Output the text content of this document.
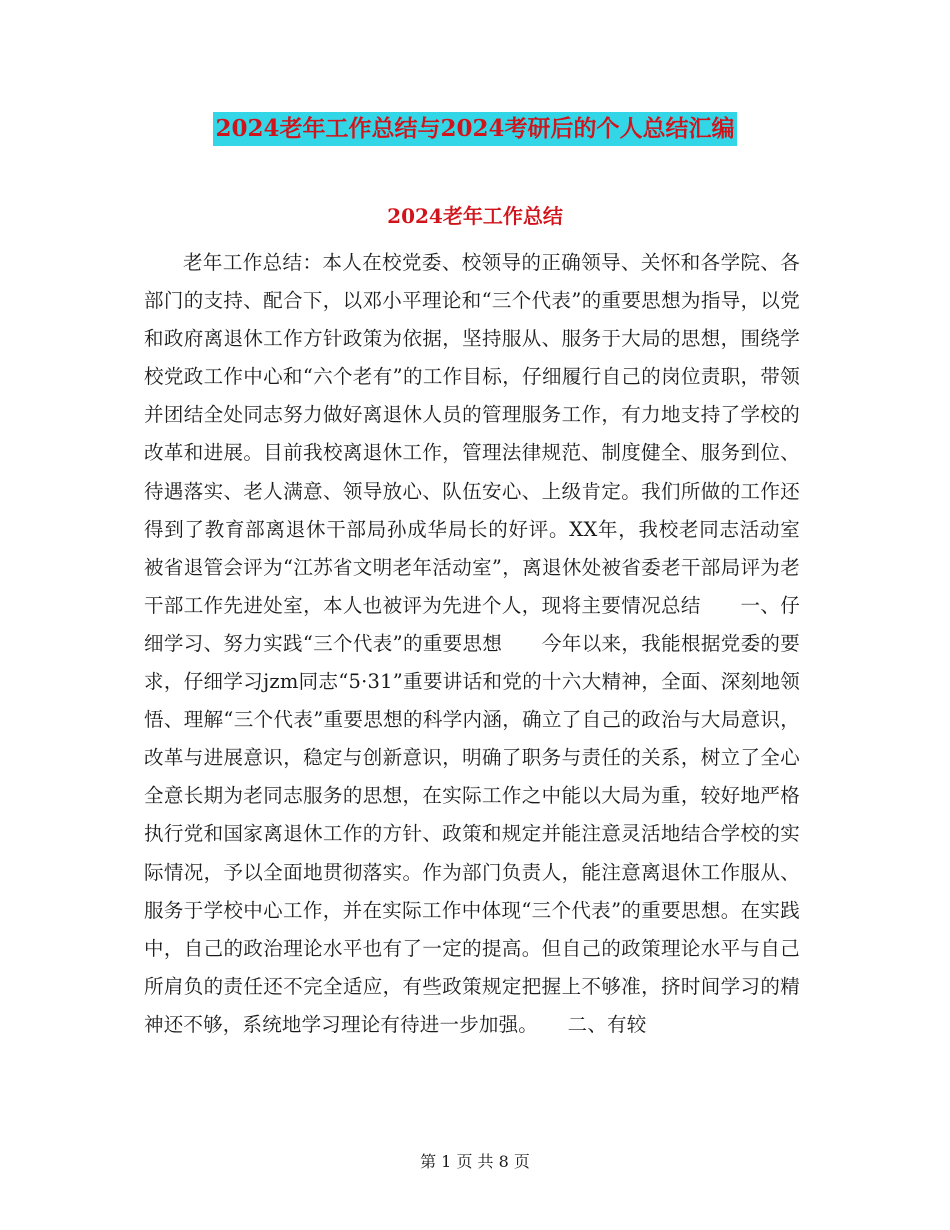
2024老年工作总结与2024考研后的个人总结汇编
2024老年工作总结

老年工作总结：本人在校党委、校领导的正确领导、关怀和各学院、各部门的支持、配合下，以邓小平理论和“三个代表”的重要思想为指导，以党和政府离退休工作方针政策为依据，坚持服从、服务于大局的思想，围绕学校党政工作中心和“六个老有”的工作目标，仔细履行自己的岗位责职，带领并团结全处同志努力做好离退休人员的管理服务工作，有力地支持了学校的改革和进展。目前我校离退休工作，管理法律规范、制度健全、服务到位、待遇落实、老人满意、领导放心、队伍安心、上级肯定。我们所做的工作还得到了教育部离退休干部局孙成华局长的好评。XX年，我校老同志活动室被省退管会评为“江苏省文明老年活动室”，离退休处被省委老干部局评为老干部工作先进处室，本人也被评为先进个人，现将主要情况总结　　一、仔细学习、努力实践“三个代表”的重要思想　　今年以来，我能根据党委的要求，仔细学习jzm同志“5·31”重要讲话和党的十六大精神，全面、深刻地领悟、理解“三个代表”重要思想的科学内涵，确立了自己的政治与大局意识，改革与进展意识，稳定与创新意识，明确了职务与责任的关系，树立了全心全意长期为老同志服务的思想，在实际工作之中能以大局为重，较好地严格执行党和国家离退休工作的方针、政策和规定并能注意灵活地结合学校的实际情况，予以全面地贯彻落实。作为部门负责人，能注意离退休工作服从、服务于学校中心工作，并在实际工作中体现“三个代表”的重要思想。在实践中，自己的政治理论水平也有了一定的提高。但自己的政策理论水平与自己所肩负的责任还不完全适应，有些政策规定把握上不够准，挤时间学习的精神还不够，系统地学习理论有待进一步加强。　　二、有较

第 1 页 共 8 页
